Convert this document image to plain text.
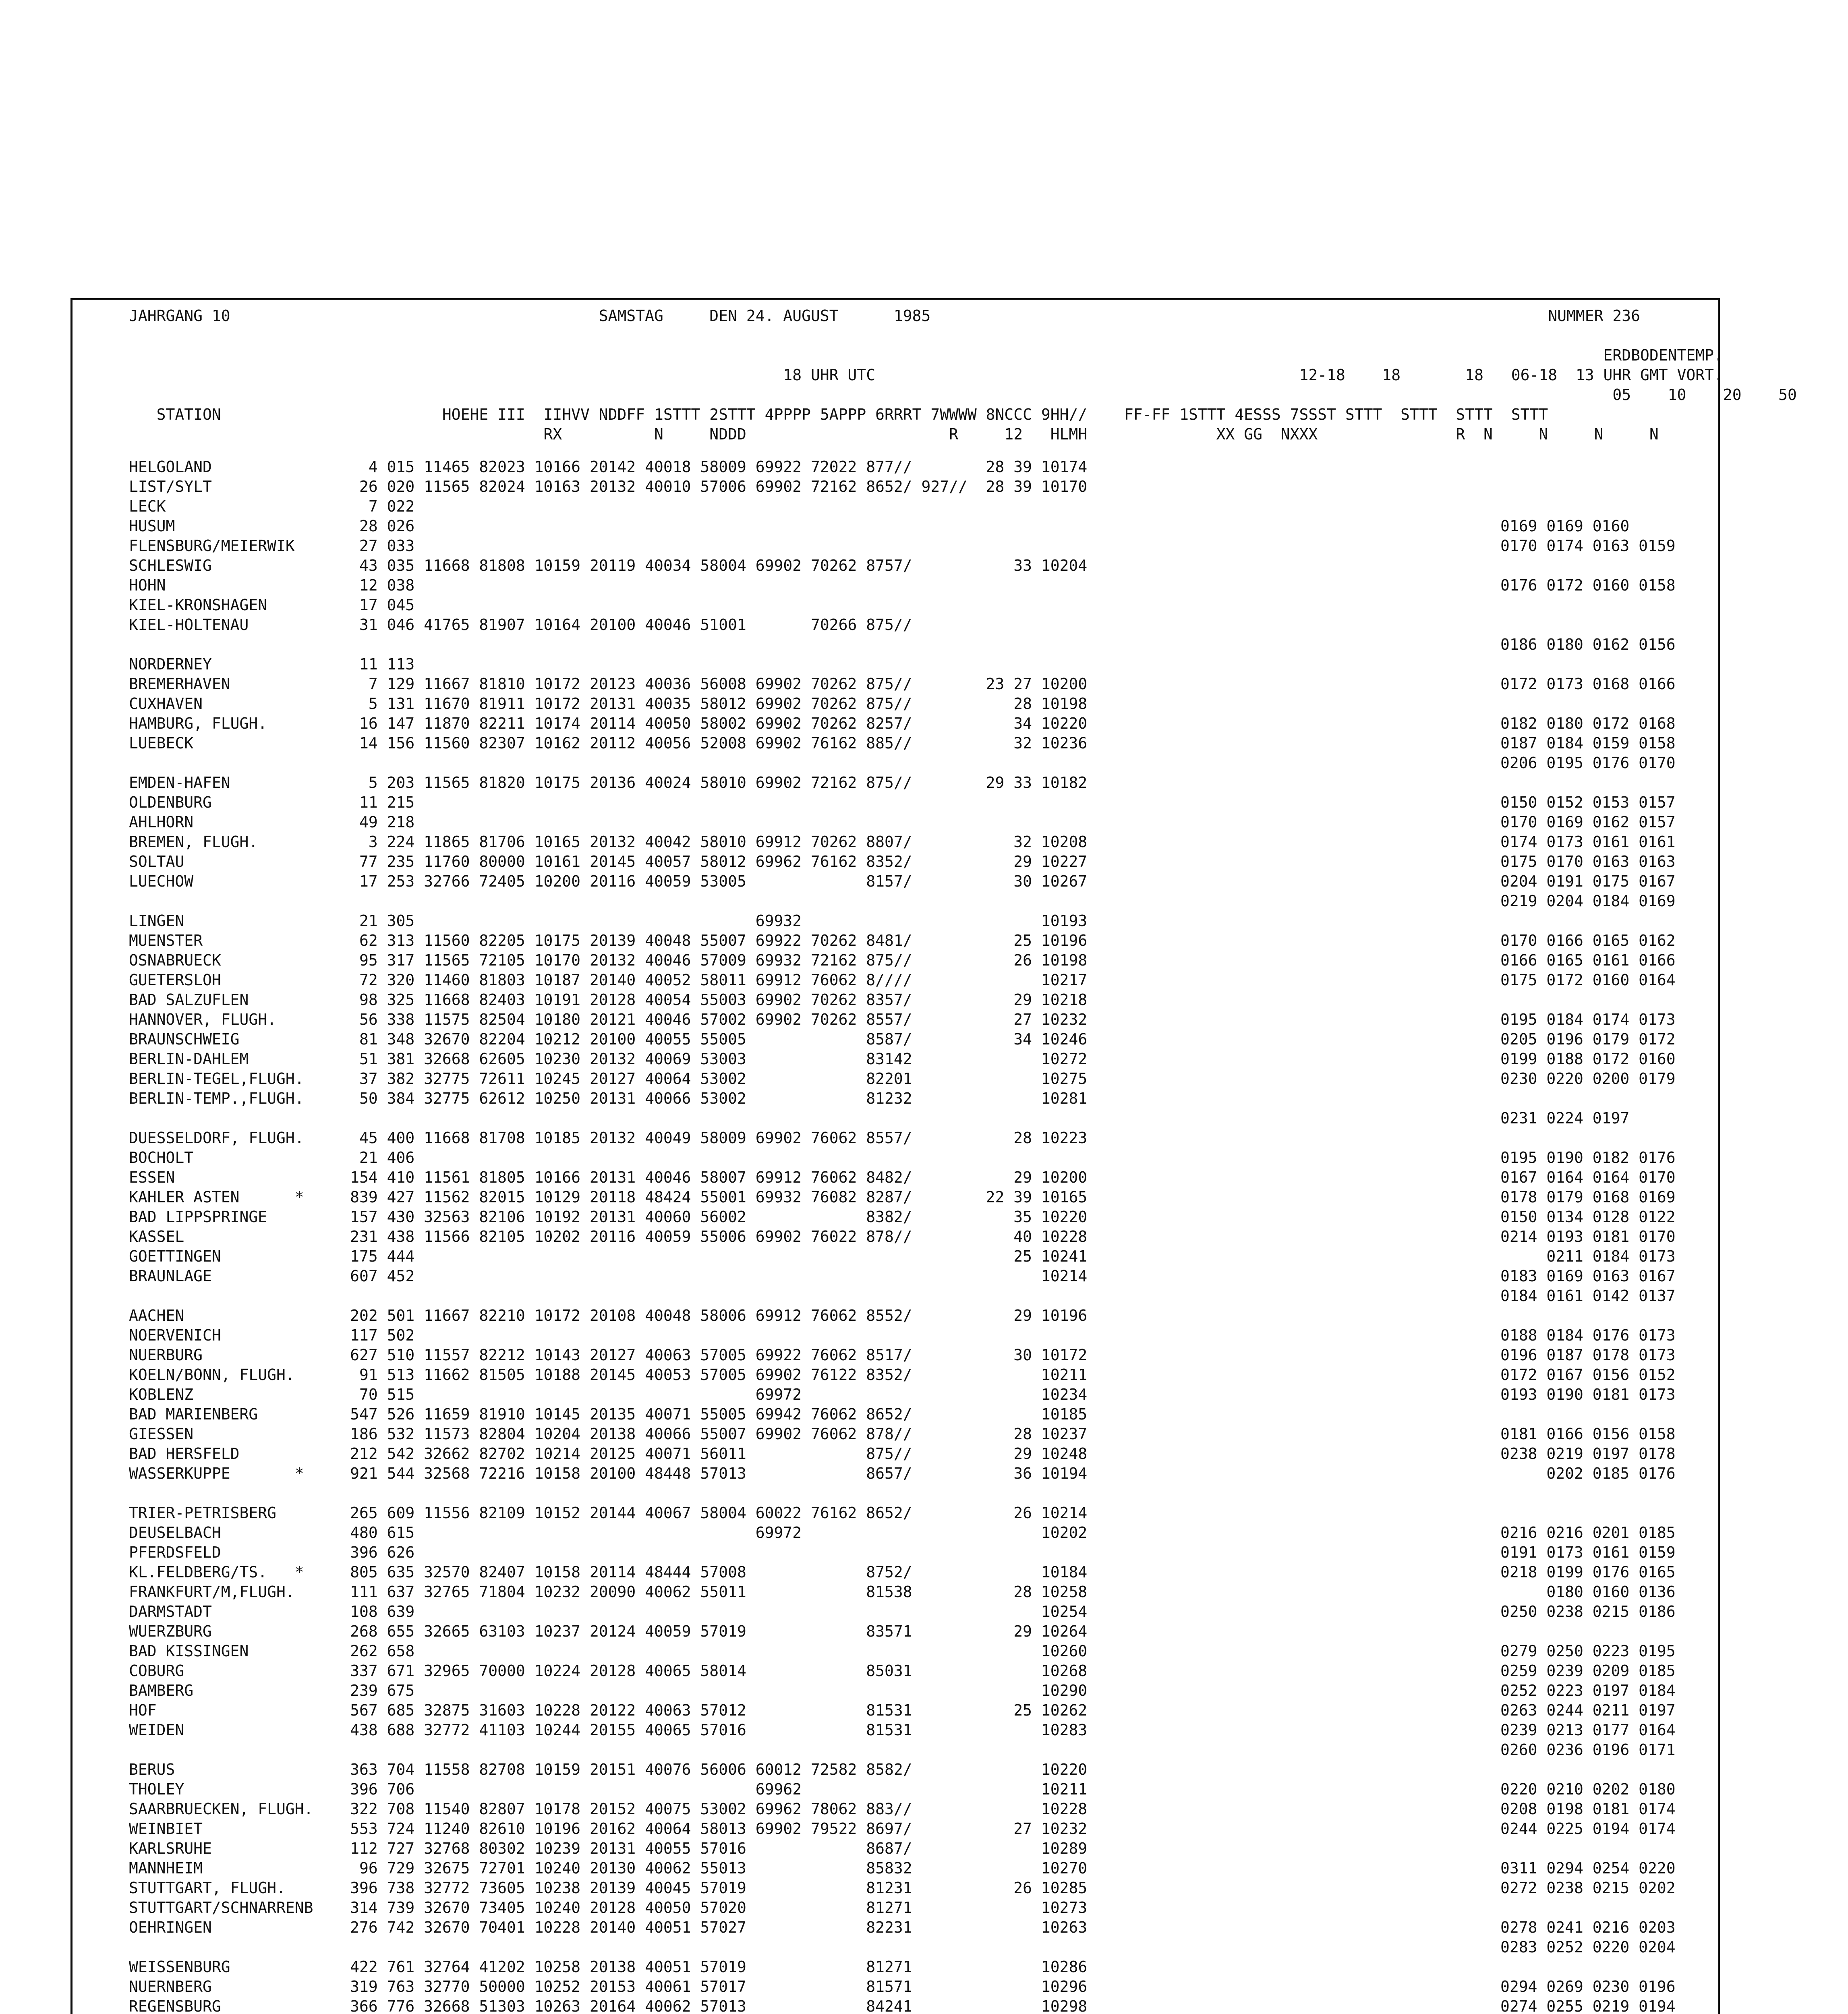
JAHRGANG 10                                        SAMSTAG     DEN 24. AUGUST      1985                                                                   NUMMER 236

ERDBODENTEMP.
18 UHR UTC                                              12-18    18       18   06-18  13 UHR GMT VORT.
05    10    20    50
STATION                        HOEHE III  IIHVV NDDFF 1STTT 2STTT 4PPPP 5APPP 6RRRT 7WWWW 8NCCC 9HH//    FF-FF 1STTT 4ESSS 7SSST STTT  STTT  STTT  STTT
RX          N     NDDD                      R     12   HLMH              XX GG  NXXX               R  N     N     N     N
HELGOLAND                 4 015 11465 82023 10166 20142 40018 58009 69922 72022 877//        28 39 10174
LIST/SYLT                26 020 11565 82024 10163 20132 40010 57006 69902 72162 8652/ 927//  28 39 10170
LECK                      7 022
HUSUM                    28 026
FLENSBURG/MEIERWIK       27 033
SCHLESWIG                43 035 11668 81808 10159 20119 40034 58004 69902 70262 8757/           33 10204
HOHN                     12 038
KIEL-KRONSHAGEN          17 045
KIEL-HOLTENAU            31 046 41765 81907 10164 20100 40046 51001       70266 875//

NORDERNEY                11 113
BREMERHAVEN               7 129 11667 81810 10172 20123 40036 56008 69902 70262 875//        23 27 10200
CUXHAVEN                  5 131 11670 81911 10172 20131 40035 58012 69902 70262 875//           28 10198
HAMBURG, FLUGH.          16 147 11870 82211 10174 20114 40050 58002 69902 70262 8257/           34 10220
LUEBECK                  14 156 11560 82307 10162 20112 40056 52008 69902 76162 885//           32 10236

EMDEN-HAFEN               5 203 11565 81820 10175 20136 40024 58010 69902 72162 875//        29 33 10182
OLDENBURG                11 215
AHLHORN                  49 218
BREMEN, FLUGH.            3 224 11865 81706 10165 20132 40042 58010 69912 70262 8807/           32 10208
SOLTAU                   77 235 11760 80000 10161 20145 40057 58012 69962 76162 8352/           29 10227
LUECHOW                  17 253 32766 72405 10200 20116 40059 53005             8157/           30 10267

LINGEN                   21 305                                     69932                          10193
MUENSTER                 62 313 11560 82205 10175 20139 40048 55007 69922 70262 8481/           25 10196
OSNABRUECK               95 317 11565 72105 10170 20132 40046 57009 69932 72162 875//           26 10198
GUETERSLOH               72 320 11460 81803 10187 20140 40052 58011 69912 76062 8////              10217
BAD SALZUFLEN            98 325 11668 82403 10191 20128 40054 55003 69902 70262 8357/           29 10218
HANNOVER, FLUGH.         56 338 11575 82504 10180 20121 40046 57002 69902 70262 8557/           27 10232
BRAUNSCHWEIG             81 348 32670 82204 10212 20100 40055 55005             8587/           34 10246
BERLIN-DAHLEM            51 381 32668 62605 10230 20132 40069 53003             83142              10272
BERLIN-TEGEL,FLUGH.      37 382 32775 72611 10245 20127 40064 53002             82201              10275
BERLIN-TEMP.,FLUGH.      50 384 32775 62612 10250 20131 40066 53002             81232              10281

DUESSELDORF, FLUGH.      45 400 11668 81708 10185 20132 40049 58009 69902 76062 8557/           28 10223
BOCHOLT                  21 406
ESSEN                   154 410 11561 81805 10166 20131 40046 58007 69912 76062 8482/           29 10200
KAHLER ASTEN      *     839 427 11562 82015 10129 20118 48424 55001 69932 76082 8287/        22 39 10165
BAD LIPPSPRINGE         157 430 32563 82106 10192 20131 40060 56002             8382/           35 10220
KASSEL                  231 438 11566 82105 10202 20116 40059 55006 69902 76022 878//           40 10228
GOETTINGEN              175 444                                                                 25 10241
BRAUNLAGE               607 452                                                                    10214

AACHEN                  202 501 11667 82210 10172 20108 40048 58006 69912 76062 8552/           29 10196
NOERVENICH              117 502
NUERBURG                627 510 11557 82212 10143 20127 40063 57005 69922 76062 8517/           30 10172
KOELN/BONN, FLUGH.       91 513 11662 81505 10188 20145 40053 57005 69902 76122 8352/              10211
KOBLENZ                  70 515                                     69972                          10234
BAD MARIENBERG          547 526 11659 81910 10145 20135 40071 55005 69942 76062 8652/              10185
GIESSEN                 186 532 11573 82804 10204 20138 40066 55007 69902 76062 878//           28 10237
BAD HERSFELD            212 542 32662 82702 10214 20125 40071 56011             875//           29 10248
WASSERKUPPE       *     921 544 32568 72216 10158 20100 48448 57013             8657/           36 10194

TRIER-PETRISBERG        265 609 11556 82109 10152 20144 40067 58004 60022 76162 8652/           26 10214
DEUSELBACH              480 615                                     69972                          10202
PFERDSFELD              396 626
KL.FELDBERG/TS.   *     805 635 32570 82407 10158 20114 48444 57008             8752/              10184
FRANKFURT/M,FLUGH.      111 637 32765 71804 10232 20090 40062 55011             81538           28 10258
DARMSTADT               108 639                                                                    10254
WUERZBURG               268 655 32665 63103 10237 20124 40059 57019             83571           29 10264
BAD KISSINGEN           262 658                                                                    10260
COBURG                  337 671 32965 70000 10224 20128 40065 58014             85031              10268
BAMBERG                 239 675                                                                    10290
HOF                     567 685 32875 31603 10228 20122 40063 57012             81531           25 10262
WEIDEN                  438 688 32772 41103 10244 20155 40065 57016             81531              10283

BERUS                   363 704 11558 82708 10159 20151 40076 56006 60012 72582 8582/              10220
THOLEY                  396 706                                     69962                          10211
SAARBRUECKEN, FLUGH.    322 708 11540 82807 10178 20152 40075 53002 69962 78062 883//              10228
WEINBIET                553 724 11240 82610 10196 20162 40064 58013 69902 79522 8697/           27 10232
KARLSRUHE               112 727 32768 80302 10239 20131 40055 57016             8687/              10289
MANNHEIM                 96 729 32675 72701 10240 20130 40062 55013             85832              10270
STUTTGART, FLUGH.       396 738 32772 73605 10238 20139 40045 57019             81231           26 10285
STUTTGART/SCHNARRENB    314 739 32670 73405 10240 20128 40050 57020             81271              10273
OEHRINGEN               276 742 32670 70401 10228 20140 40051 57027             82231              10263

WEISSENBURG             422 761 32764 41202 10258 20138 40051 57019             81271              10286
NUERNBERG               319 763 32770 50000 10252 20153 40061 57017             81571              10296
REGENSBURG              366 776 32668 51303 10263 20164 40062 57013             84241              10298

0169 0169 0160
0170 0174 0163 0159

0176 0172 0160 0158

0186 0180 0162 0156

0172 0173 0168 0166

0182 0180 0172 0168
0187 0184 0159 0158
0206 0195 0176 0170

0150 0152 0153 0157
0170 0169 0162 0157
0174 0173 0161 0161
0175 0170 0163 0163
0204 0191 0175 0167
0219 0204 0184 0169

0170 0166 0165 0162
0166 0165 0161 0166
0175 0172 0160 0164

0195 0184 0174 0173
0205 0196 0179 0172
0199 0188 0172 0160
0230 0220 0200 0179

0231 0224 0197

0195 0190 0182 0176
0167 0164 0164 0170
0178 0179 0168 0169
0150 0134 0128 0122
0214 0193 0181 0170
0211 0184 0173
0183 0169 0163 0167
0184 0161 0142 0137

0188 0184 0176 0173
0196 0187 0178 0173
0172 0167 0156 0152
0193 0190 0181 0173

0181 0166 0156 0158
0238 0219 0197 0178
0202 0185 0176

0216 0216 0201 0185
0191 0173 0161 0159
0218 0199 0176 0165
0180 0160 0136
0250 0238 0215 0186

0279 0250 0223 0195
0259 0239 0209 0185
0252 0223 0197 0184
0263 0244 0211 0197
0239 0213 0177 0164
0260 0236 0196 0171

0220 0210 0202 0180
0208 0198 0181 0174
0244 0225 0194 0174

0311 0294 0254 0220
0272 0238 0215 0202

0278 0241 0216 0203
0283 0252 0220 0204

0294 0269 0230 0196
0274 0255 0219 0194
